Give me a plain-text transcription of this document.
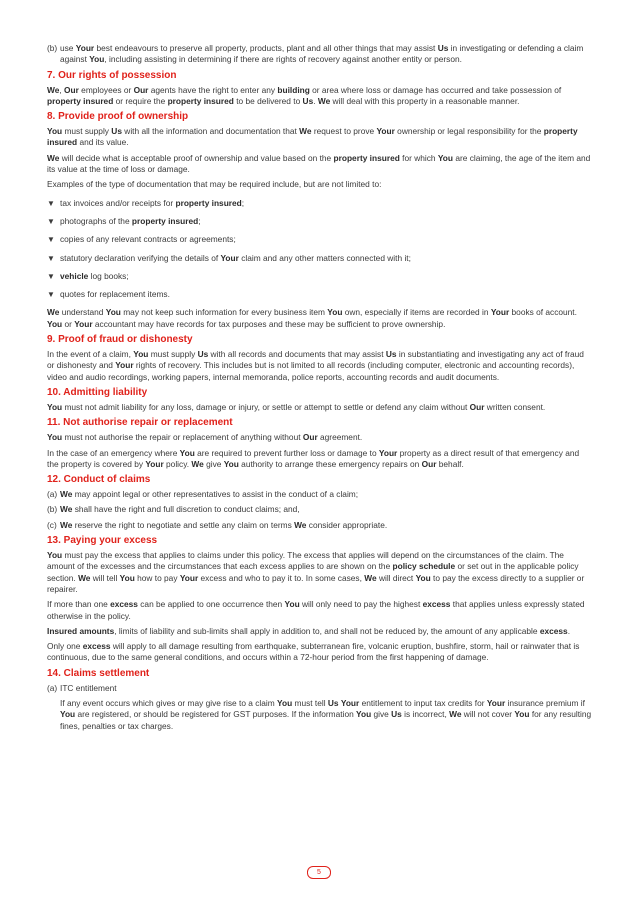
(b) use Your best endeavours to preserve all property, products, plant and all other things that may assist Us in investigating or defending a claim against You, including assisting in determining if there are rights of recovery against another entity or person.
7. Our rights of possession

We, Our employees or Our agents have the right to enter any building or area where loss or damage has occurred and take possession of property insured or require the property insured to be delivered to Us. We will deal with this property in a reasonable manner.

8. Provide proof of ownership

You must supply Us with all the information and documentation that We request to prove Your ownership or legal responsibility for the property insured and its value.

We will decide what is acceptable proof of ownership and value based on the property insured for which You are claiming, the age of the item and its value at the time of loss or damage.

Examples of the type of documentation that may be required include, but are not limited to:

▼ tax invoices and/or receipts for property insured;
▼ photographs of the property insured;
▼ copies of any relevant contracts or agreements;
▼ statutory declaration verifying the details of Your claim and any other matters connected with it;
▼ vehicle log books;
▼ quotes for replacement items.

We understand You may not keep such information for every business item You own, especially if items are recorded in Your books of account. You or Your accountant may have records for tax purposes and these may be sufficient to prove ownership.

9. Proof of fraud or dishonesty

In the event of a claim, You must supply Us with all records and documents that may assist Us in substantiating and investigating any act of fraud or dishonesty and Your rights of recovery. This includes but is not limited to all records (including computer, electronic and accounting records), video and audio recordings, working papers, internal memoranda, police reports, accounting records and audit documents.

10. Admitting liability

You must not admit liability for any loss, damage or injury, or settle or attempt to settle or defend any claim without Our written consent.

11. Not authorise repair or replacement

You must not authorise the repair or replacement of anything without Our agreement.

In the case of an emergency where You are required to prevent further loss or damage to Your property as a direct result of that emergency and the property is covered by Your policy. We give You authority to arrange these emergency repairs on Our behalf.

12. Conduct of claims
(a) We may appoint legal or other representatives to assist in the conduct of a claim;
(b) We shall have the right and full discretion to conduct claims; and,
(c) We reserve the right to negotiate and settle any claim on terms We consider appropriate.
13. Paying your excess

You must pay the excess that applies to claims under this policy. The excess that applies will depend on the circumstances of the claim. The amount of the excesses and the circumstances that each excess applies to are shown on the policy schedule or set out in the applicable policy section. We will tell You how to pay Your excess and who to pay it to. In some cases, We will direct You to pay the excess directly to a supplier or repairer.

If more than one excess can be applied to one occurrence then You will only need to pay the highest excess that applies unless expressly stated otherwise in the policy.

Insured amounts, limits of liability and sub-limits shall apply in addition to, and shall not be reduced by, the amount of any applicable excess.

Only one excess will apply to all damage resulting from earthquake, subterranean fire, volcanic eruption, bushfire, storm, hail or rainwater that is continuous, due to the same general conditions, and occurs within a 72-hour period from the first happening of damage.

14. Claims settlement
(a) ITC entitlement

If any event occurs which gives or may give rise to a claim You must tell Us Your entitlement to input tax credits for Your insurance premium if You are registered, or should be registered for GST purposes. If the information You give Us is incorrect, We will not cover You for any resulting fines, penalties or tax charges.

5
